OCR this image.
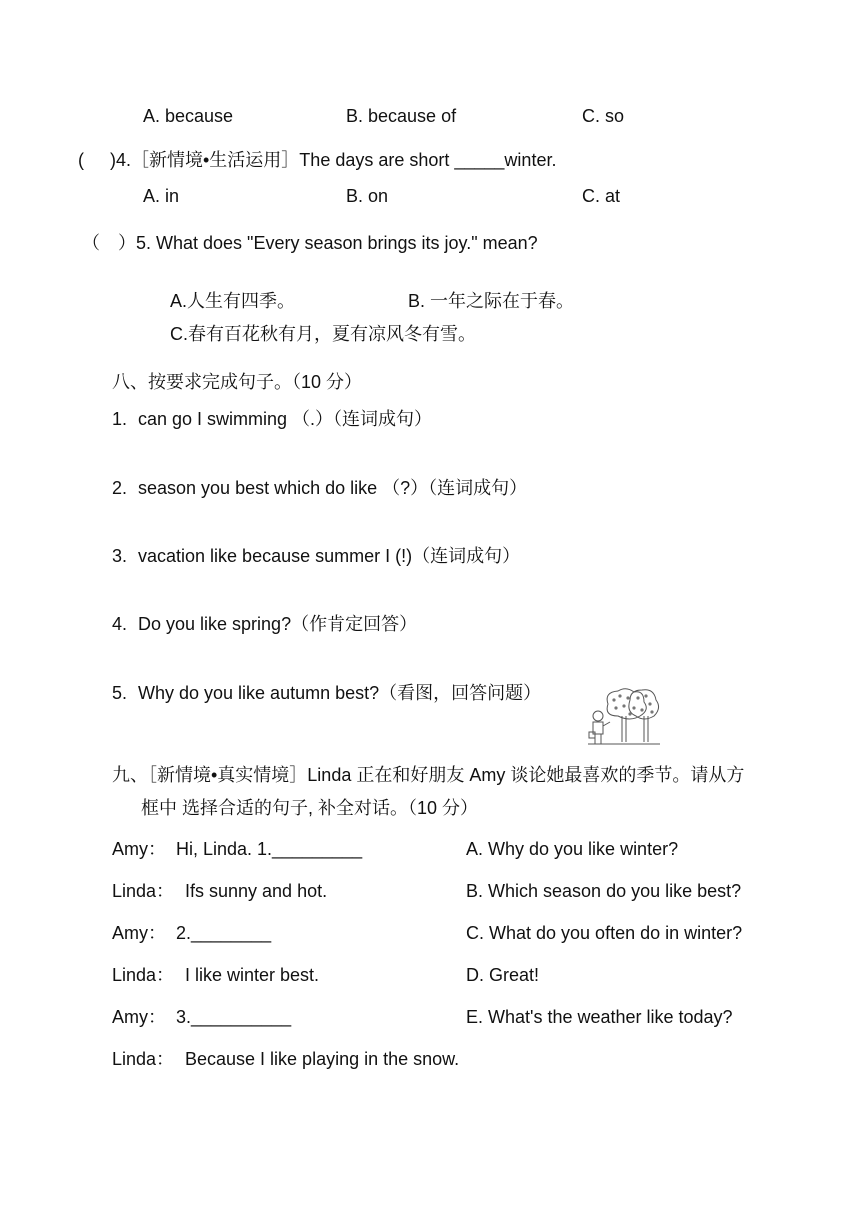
A. because	B. because of	C. so
( )4.［新情境•生活运用］The days are short _____winter.
A. in	B. on	C. at
（　）5. What does "Every season brings its joy." mean?
A.人生有四季。	B. 一年之际在于春。
C.春有百花秋有月，夏有凉风冬有雪。
八、按要求完成句子。（10 分）
1. can go I swimming （.）（连词成句）
2. season you best which do like （?）（连词成句）
3. vacation like because summer I (!)（连词成句）
4. Do you like spring?（作肯定回答）
5. Why do you like autumn best?（看图，回答问题）
九、［新情境•真实情境］Linda 正在和好朋友 Amy 谈论她最喜欢的季节。请从方
框中 选择合适的句子, 补全对话。（10 分）
Amy： Hi, Linda. 1._________
Linda： Ifs sunny and hot.
Amy： 2.________
Linda： I like winter best.
Amy： 3.__________
Linda： Because I like playing in the snow.
A. Why do you like winter?
B. Which season do you like best?
C. What do you often do in winter?
D. Great!
E. What's the weather like today?
